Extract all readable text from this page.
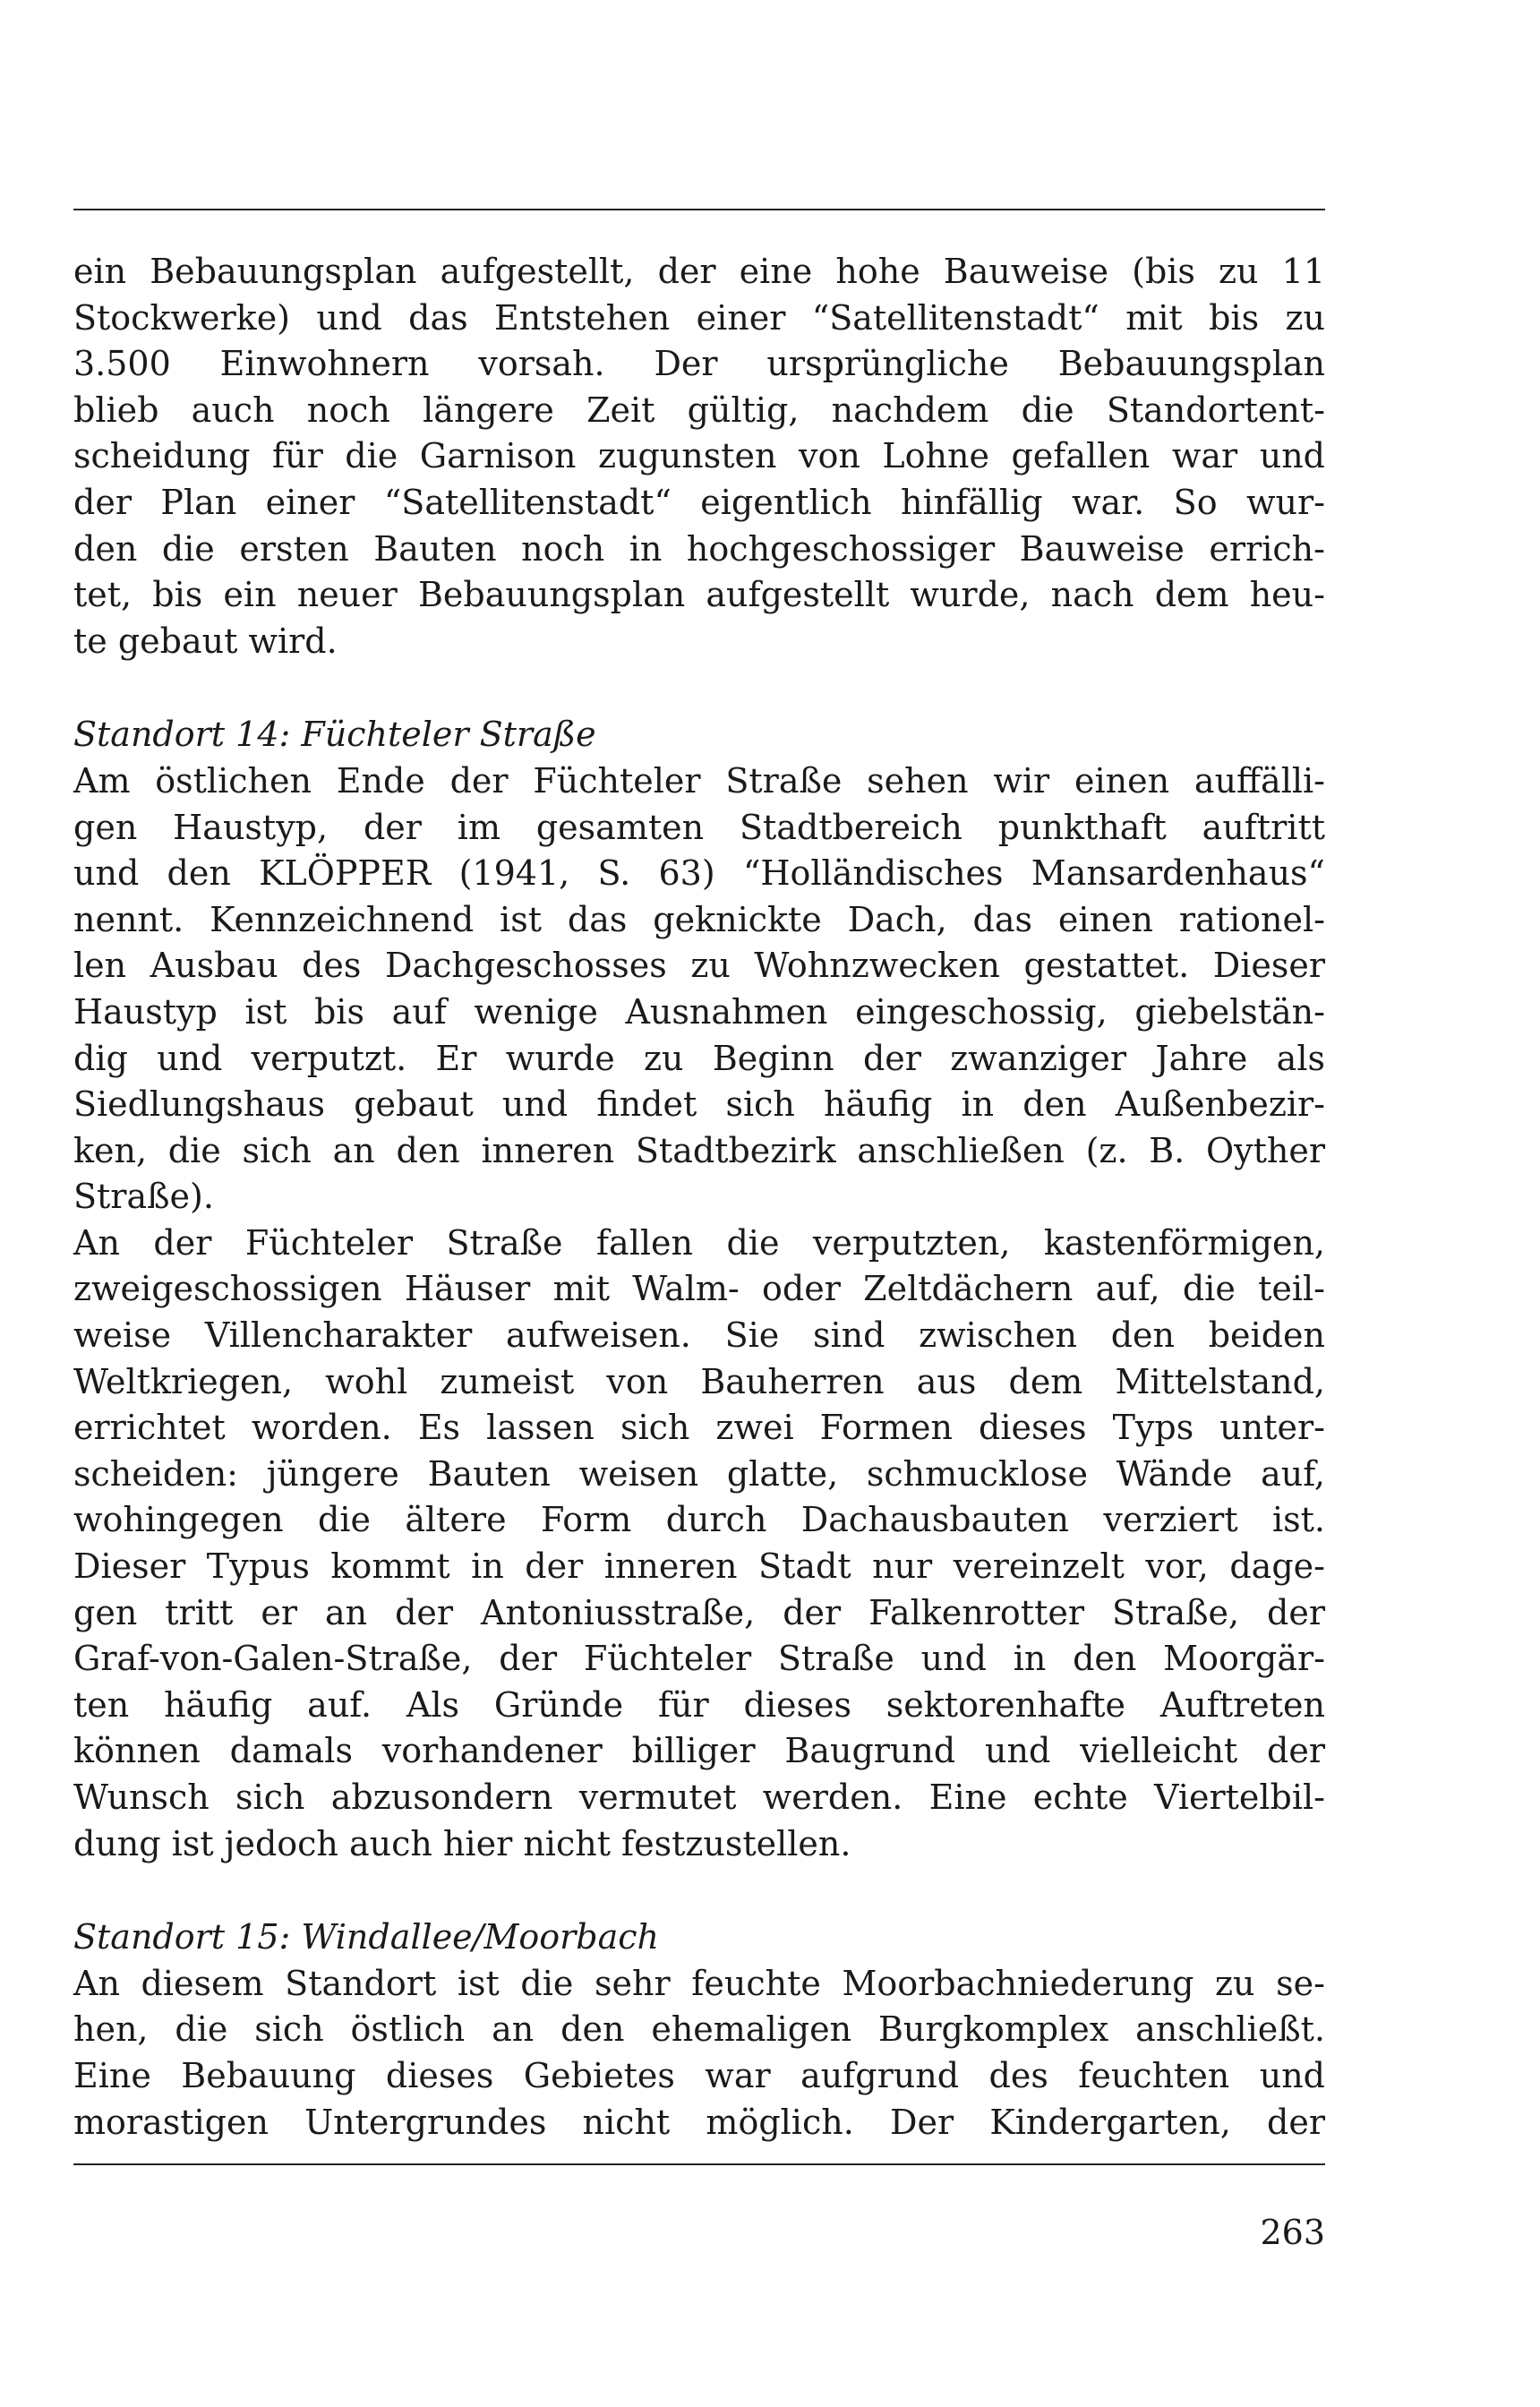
ein Bebauungsplan aufgestellt, der eine hohe Bauweise (bis zu 11
Stockwerke) und das Entstehen einer “Satellitenstadt“ mit bis zu
3.500 Einwohnern vorsah. Der ursprüngliche Bebauungsplan
blieb auch noch längere Zeit gültig, nachdem die Standortent-
scheidung für die Garnison zugunsten von Lohne gefallen war und
der Plan einer “Satellitenstadt“ eigentlich hinfällig war. So wur-
den die ersten Bauten noch in hochgeschossiger Bauweise errich-
tet, bis ein neuer Bebauungsplan aufgestellt wurde, nach dem heu-
te gebaut wird.
Standort 14: Füchteler Straße
Am östlichen Ende der Füchteler Straße sehen wir einen auffälli-
gen Haustyp, der im gesamten Stadtbereich punkthaft auftritt
und den KLÖPPER (1941, S. 63) “Holländisches Mansardenhaus“
nennt. Kennzeichnend ist das geknickte Dach, das einen rationel-
len Ausbau des Dachgeschosses zu Wohnzwecken gestattet. Dieser
Haustyp ist bis auf wenige Ausnahmen eingeschossig, giebelstän-
dig und verputzt. Er wurde zu Beginn der zwanziger Jahre als
Siedlungshaus gebaut und findet sich häufig in den Außenbezir-
ken, die sich an den inneren Stadtbezirk anschließen (z. B. Oyther
Straße).
An der Füchteler Straße fallen die verputzten, kastenförmigen,
zweigeschossigen Häuser mit Walm- oder Zeltdächern auf, die teil-
weise Villencharakter aufweisen. Sie sind zwischen den beiden
Weltkriegen, wohl zumeist von Bauherren aus dem Mittelstand,
errichtet worden. Es lassen sich zwei Formen dieses Typs unter-
scheiden: jüngere Bauten weisen glatte, schmucklose Wände auf,
wohingegen die ältere Form durch Dachausbauten verziert ist.
Dieser Typus kommt in der inneren Stadt nur vereinzelt vor, dage-
gen tritt er an der Antoniusstraße, der Falkenrotter Straße, der
Graf-von-Galen-Straße, der Füchteler Straße und in den Moorgär-
ten häufig auf. Als Gründe für dieses sektorenhafte Auftreten
können damals vorhandener billiger Baugrund und vielleicht der
Wunsch sich abzusondern vermutet werden. Eine echte Viertelbil-
dung ist jedoch auch hier nicht festzustellen.
Standort 15: Windallee/Moorbach
An diesem Standort ist die sehr feuchte Moorbachniederung zu se-
hen, die sich östlich an den ehemaligen Burgkomplex anschließt.
Eine Bebauung dieses Gebietes war aufgrund des feuchten und
morastigen Untergrundes nicht möglich. Der Kindergarten, der
263
